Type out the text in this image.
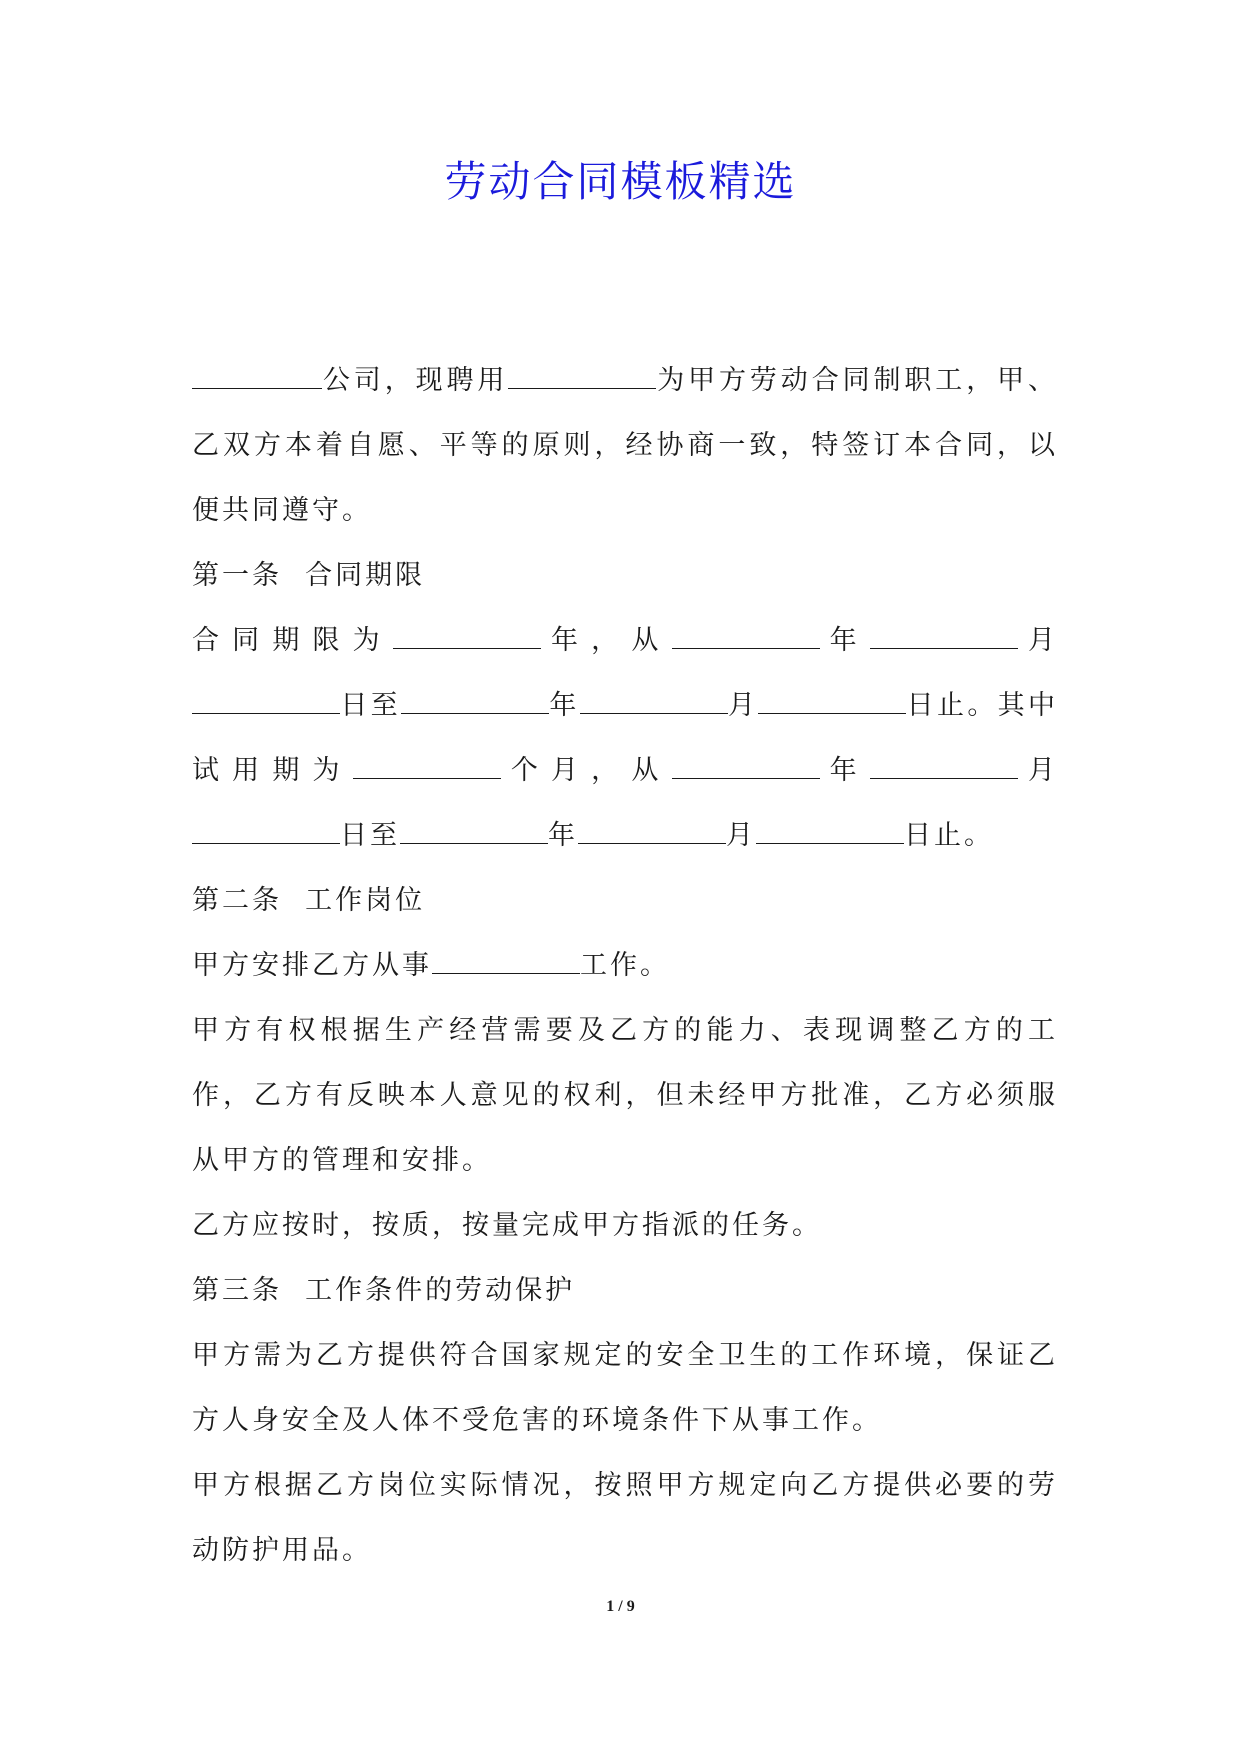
劳动合同模板精选

公司，现聘用	为甲方劳动合同制职工，甲、乙双方本着自愿、平等的原则，经协商一致，特签订本合同，以便共同遵守。

第一条  合同期限

合同期限为	年，从	年	月日至	年	月	日止。其中试用期为	个月，从	年	月日至	年	月	日止。

第二条  工作岗位

甲方安排乙方从事	工作。

甲方有权根据生产经营需要及乙方的能力、表现调整乙方的工作，乙方有反映本人意见的权利，但未经甲方批准，乙方必须服从甲方的管理和安排。

乙方应按时，按质，按量完成甲方指派的任务。

第三条  工作条件的劳动保护

甲方需为乙方提供符合国家规定的安全卫生的工作环境，保证乙方人身安全及人体不受危害的环境条件下从事工作。

甲方根据乙方岗位实际情况，按照甲方规定向乙方提供必要的劳动防护用品。

1 / 9
